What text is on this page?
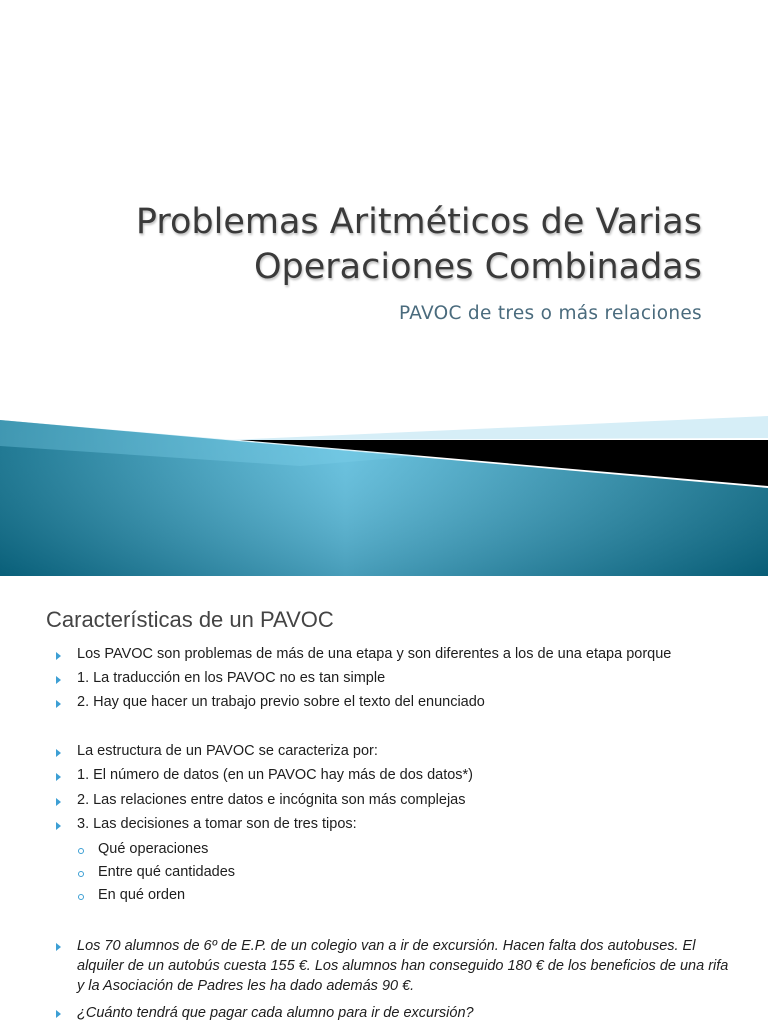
Problemas Aritméticos de Varias
Operaciones Combinadas

PAVOC de tres o más relaciones

Características de un PAVOC
Los PAVOC son problemas de más de una etapa y son diferentes a los de una etapa porque
1. La traducción en los PAVOC no es tan simple
2. Hay que hacer un trabajo previo sobre el texto del enunciado
La estructura de un PAVOC se caracteriza por:
1. El número de datos (en un PAVOC hay más de dos datos*)
2. Las relaciones entre datos e incógnita son más complejas
3. Las decisiones a tomar son de tres tipos:
Qué operaciones
Entre qué cantidades
En qué orden
Los 70 alumnos de 6º de E.P. de un colegio van a ir de excursión. Hacen falta dos autobuses. El alquiler de un autobús cuesta 155 €. Los alumnos han conseguido 180 € de los beneficios de una rifa y la Asociación de Padres les ha dado además 90 €.
¿Cuánto tendrá que pagar cada alumno para ir de excursión?
